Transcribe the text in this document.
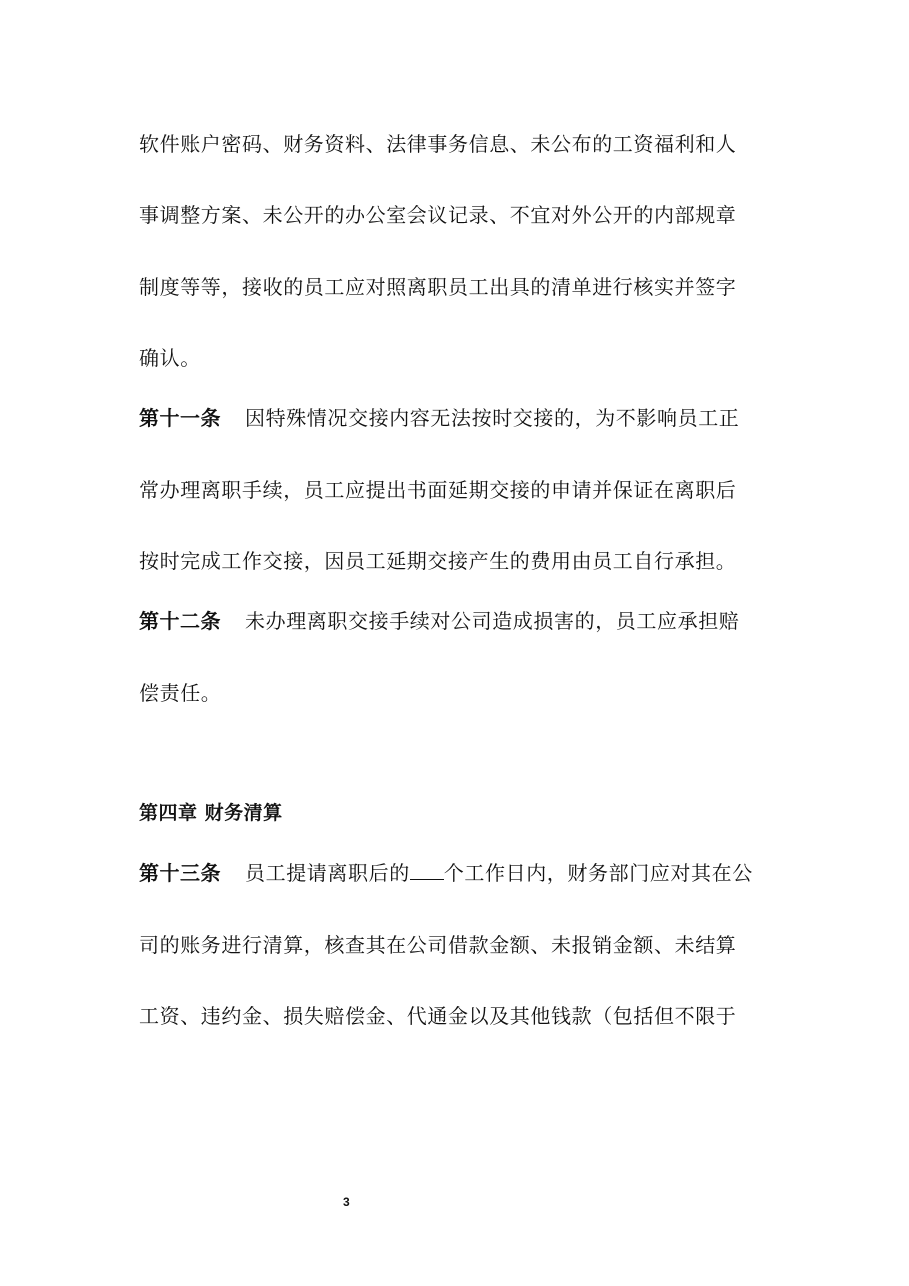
软件账户密码、财务资料、法律事务信息、未公布的工资福利和人
事调整方案、未公开的办公室会议记录、不宜对外公开的内部规章
制度等等，接收的员工应对照离职员工出具的清单进行核实并签字
确认。
第十一条 因特殊情况交接内容无法按时交接的，为不影响员工正
常办理离职手续，员工应提出书面延期交接的申请并保证在离职后
按时完成工作交接，因员工延期交接产生的费用由员工自行承担。
第十二条 未办理离职交接手续对公司造成损害的，员工应承担赔
偿责任。
第四章 财务清算
第十三条 员工提请离职后的 个工作日内，财务部门应对其在公
司的账务进行清算，核查其在公司借款金额、未报销金额、未结算
工资、违约金、损失赔偿金、代通金以及其他钱款（包括但不限于
3
